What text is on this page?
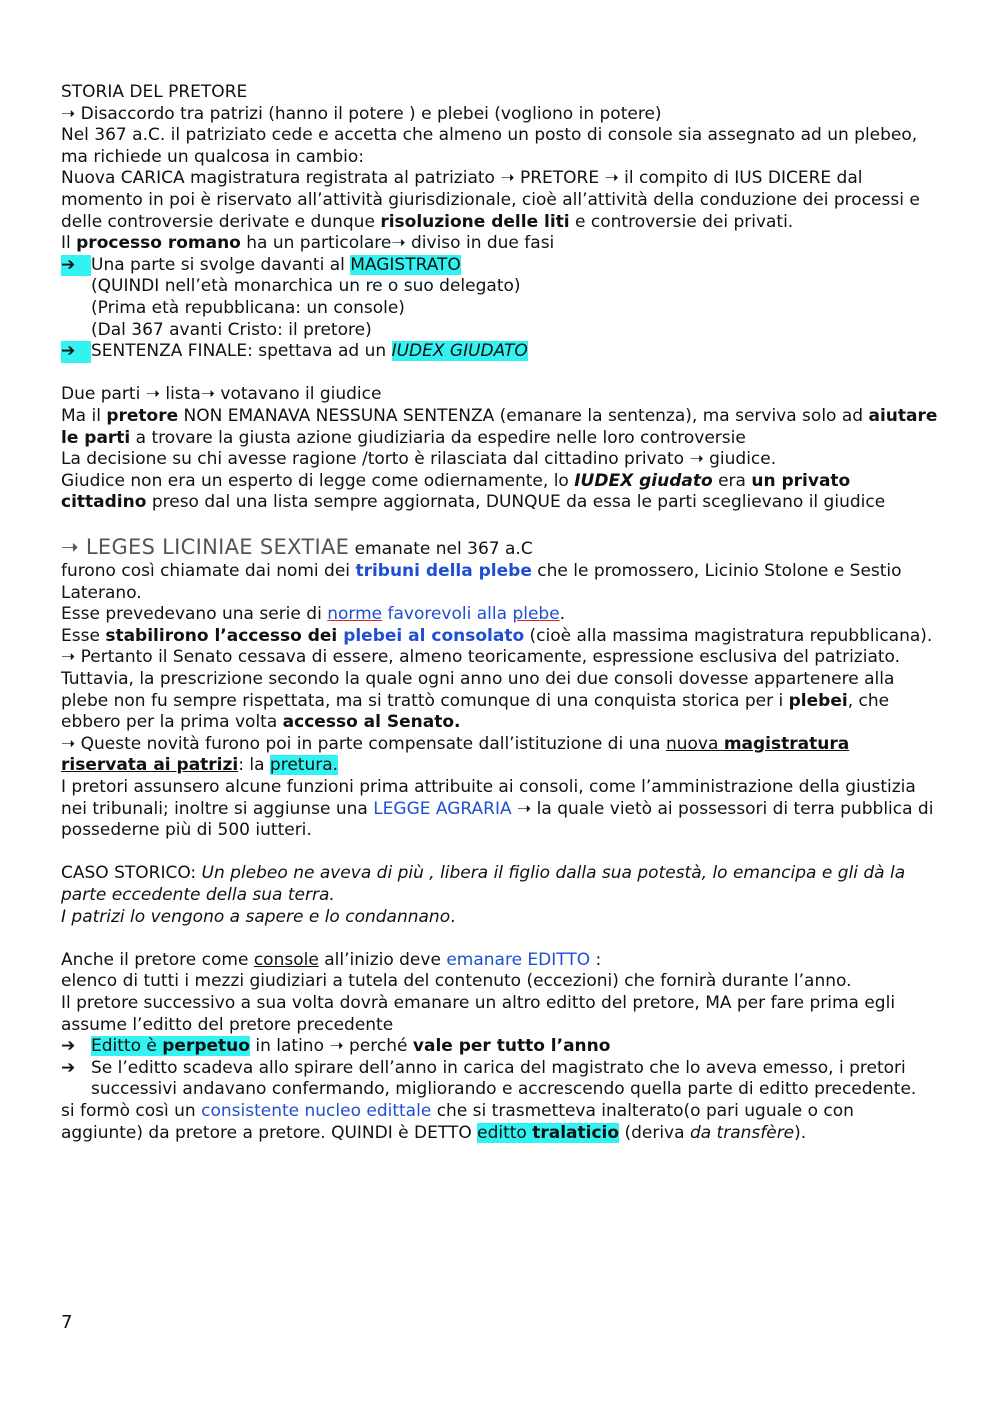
STORIA DEL PRETORE

➝ Disaccordo tra patrizi (hanno il potere ) e plebei (vogliono in potere)

Nel 367 a.C. il patriziato cede e accetta che almeno un posto di console sia assegnato ad un plebeo, ma richiede un qualcosa in cambio:

Nuova CARICA magistratura registrata al patriziato ➝ PRETORE ➝ il compito di IUS DICERE dal momento in poi è riservato all’attività giurisdizionale, cioè all’attività della conduzione dei processi e delle controversie derivate e dunque risoluzione delle liti e controversie dei privati.

Il processo romano ha un particolare➝ diviso in due fasi

➔ Una parte si svolge davanti al MAGISTRATO

(QUINDI nell’età monarchica un re o suo delegato)

(Prima età repubblicana: un console)

(Dal 367 avanti Cristo: il pretore)

➔ SENTENZA FINALE: spettava ad un IUDEX GIUDATO

Due parti ➝ lista➝ votavano il giudice

Ma il pretore NON EMANAVA NESSUNA SENTENZA (emanare la sentenza), ma serviva solo ad aiutare le parti a trovare la giusta azione giudiziaria da espedire nelle loro controversie

La decisione su chi avesse ragione /torto è rilasciata dal cittadino privato ➝ giudice.

Giudice non era un esperto di legge come odiernamente, lo IUDEX giudato era un privato cittadino preso dal una lista sempre aggiornata, DUNQUE da essa le parti sceglievano il giudice

➝ LEGES LICINIAE SEXTIAE emanate nel 367 a.C

furono così chiamate dai nomi dei tribuni della plebe che le promossero, Licinio Stolone e Sestio Laterano.

Esse prevedevano una serie di norme favorevoli alla plebe.

Esse stabilirono l’accesso dei plebei al consolato (cioè alla massima magistratura repubblicana).

➝ Pertanto il Senato cessava di essere, almeno teoricamente, espressione esclusiva del patriziato.

Tuttavia, la prescrizione secondo la quale ogni anno uno dei due consoli dovesse appartenere alla plebe non fu sempre rispettata, ma si trattò comunque di una conquista storica per i plebei, che ebbero per la prima volta accesso al Senato.

➝ Queste novità furono poi in parte compensate dall’istituzione di una nuova magistratura riservata ai patrizi: la pretura.

I pretori assunsero alcune funzioni prima attribuite ai consoli, come l’amministrazione della giustizia nei tribunali; inoltre si aggiunse una LEGGE AGRARIA ➝ la quale vietò ai possessori di terra pubblica di possederne più di 500 iutteri.

CASO STORICO: Un plebeo ne aveva di più , libera il figlio dalla sua potestà, lo emancipa e gli dà la parte eccedente della sua terra.

I patrizi lo vengono a sapere e lo condannano.

Anche il pretore come console all’inizio deve emanare EDITTO :

elenco di tutti i mezzi giudiziari a tutela del contenuto (eccezioni) che fornirà durante l’anno.

Il pretore successivo a sua volta dovrà emanare un altro editto del pretore, MA per fare prima egli assume l’editto del pretore precedente

➔ Editto è perpetuo in latino ➝ perché vale per tutto l’anno
➔ Se l’editto scadeva allo spirare dell’anno in carica del magistrato che lo aveva emesso, i pretori successivi andavano confermando, migliorando e accrescendo quella parte di editto precedente.

si formò così un consistente nucleo edittale che si trasmetteva inalterato(o pari uguale o con aggiunte) da pretore a pretore. QUINDI è DETTO editto tralaticio (deriva da transfère).

7
